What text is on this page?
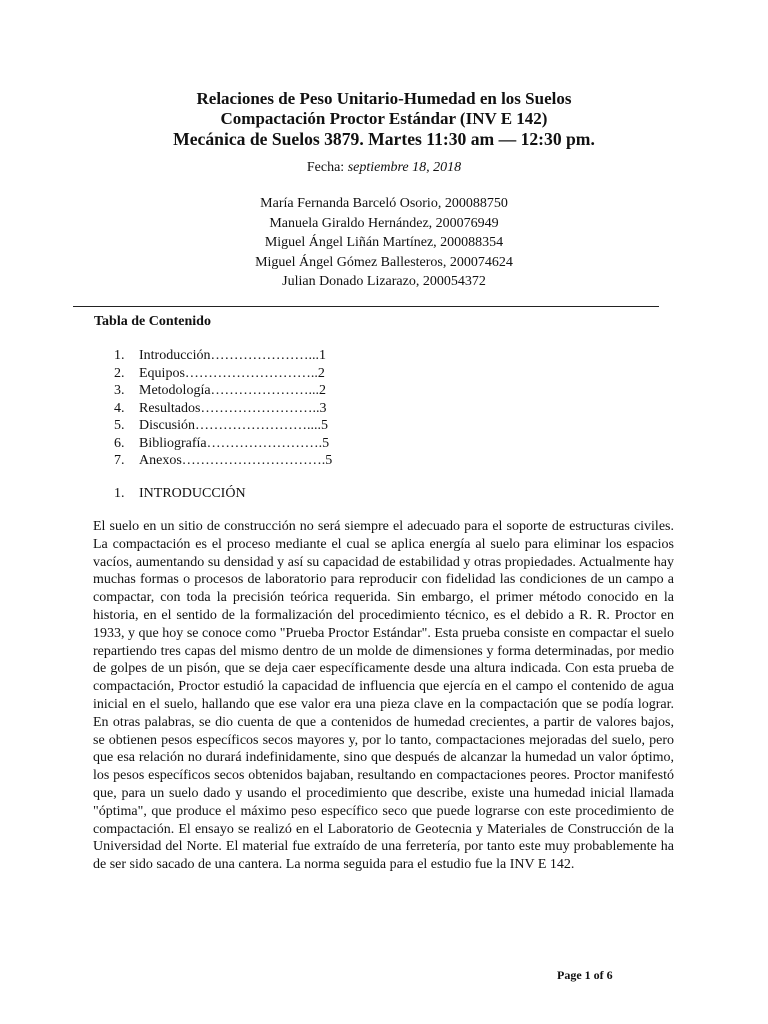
Relaciones de Peso Unitario-Humedad en los Suelos
Compactación Proctor Estándar (INV E 142)
Mecánica de Suelos 3879. Martes 11:30 am — 12:30 pm.
Fecha: septiembre 18, 2018
María Fernanda Barceló Osorio, 200088750
Manuela Giraldo Hernández, 200076949
Miguel Ángel Liñán Martínez, 200088354
Miguel Ángel Gómez Ballesteros, 200074624
Julian Donado Lizarazo, 200054372
Tabla de Contenido
1.	Introducción…………………...1
2.	Equipos………………………..2
3.	Metodología…………………...2
4.	Resultados……………………..3
5.	Discusión……………………....5
6.	Bibliografía…………………….5
7.	Anexos………………………….5
1.	INTRODUCCIÓN

El suelo en un sitio de construcción no será siempre el adecuado para el soporte de estructuras civiles. La compactación es el proceso mediante el cual se aplica energía al suelo para eliminar los espacios vacíos, aumentando su densidad y así su capacidad de estabilidad y otras propiedades. Actualmente hay muchas formas o procesos de laboratorio para reproducir con fidelidad las condiciones de un campo a compactar, con toda la precisión teórica requerida. Sin embargo, el primer método conocido en la historia, en el sentido de la formalización del procedimiento técnico, es el debido a R. R. Proctor en 1933, y que hoy se conoce como "Prueba Proctor Estándar". Esta prueba consiste en compactar el suelo repartiendo tres capas del mismo dentro de un molde de dimensiones y forma determinadas, por medio de golpes de un pisón, que se deja caer específicamente desde una altura indicada. Con esta prueba de compactación, Proctor estudió la capacidad de influencia que ejercía en el campo el contenido de agua inicial en el suelo, hallando que ese valor era una pieza clave en la compactación que se podía lograr. En otras palabras, se dio cuenta de que a contenidos de humedad crecientes, a partir de valores bajos, se obtienen pesos específicos secos mayores y, por lo tanto, compactaciones mejoradas del suelo, pero que esa relación no durará indefinidamente, sino que después de alcanzar la humedad un valor óptimo, los pesos específicos secos obtenidos bajaban, resultando en compactaciones peores. Proctor manifestó que, para un suelo dado y usando el procedimiento que describe, existe una humedad inicial llamada "óptima", que produce el máximo peso específico seco que puede lograrse con este procedimiento de compactación. El ensayo se realizó en el Laboratorio de Geotecnia y Materiales de Construcción de la Universidad del Norte. El material fue extraído de una ferretería, por tanto este muy probablemente ha de ser sido sacado de una cantera. La norma seguida para el estudio fue la INV E 142.

Page 1 of 6
